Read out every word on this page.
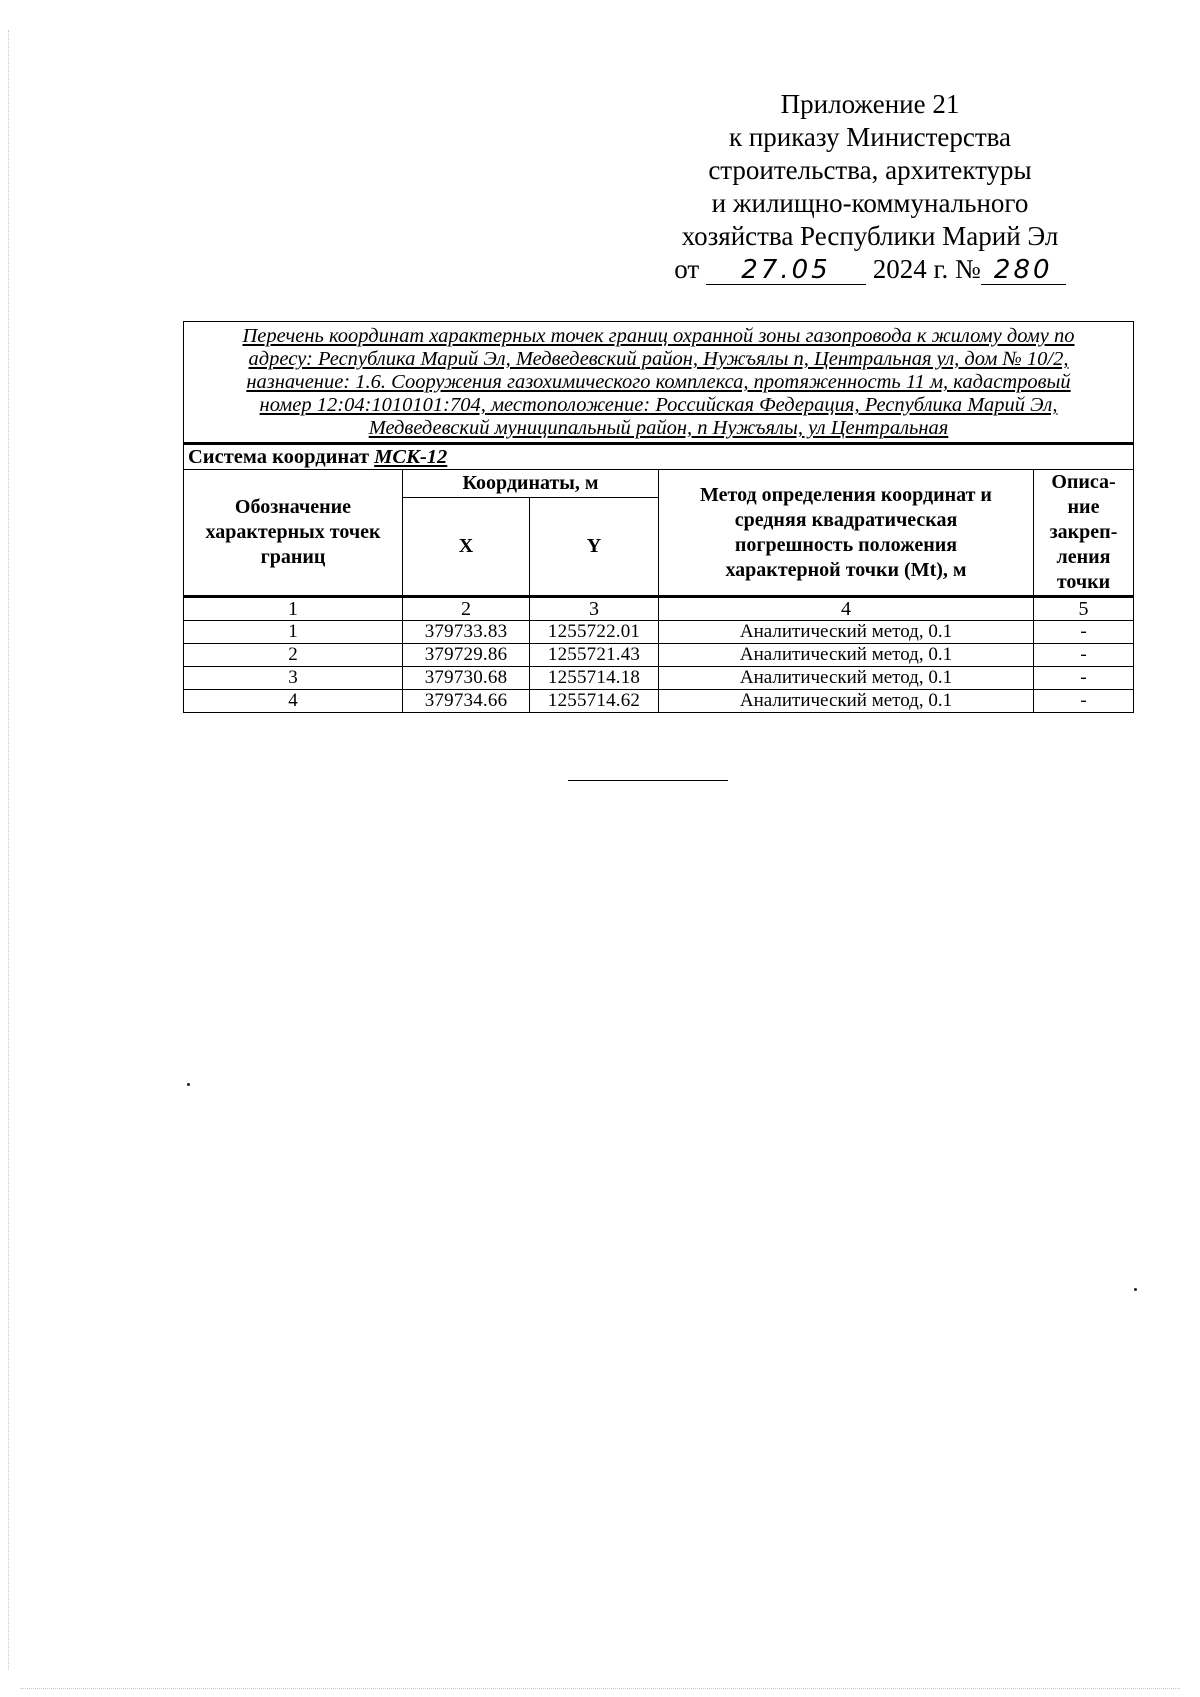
Приложение 21
к приказу Министерства
строительства, архитектуры
и жилищно-коммунального
хозяйства Республики Марий Эл
от 27.05 2024 г. № 280
Перечень координат характерных точек границ охранной зоны газопровода к жилому дому по
адресу: Республика Марий Эл, Медведевский район, Нужъялы п, Центральная ул, дом № 10/2,
назначение: 1.6. Сооружения газохимического комплекса, протяженность 11 м, кадастровый
номер 12:04:1010101:704, местоположение: Российская Федерация, Республика Марий Эл,
Медведевский муниципальный район, п Нужъялы, ул Центральная				

Система координат МСК-12				

Обозначение
характерных точек
границ	Координаты, м		Метод определения координат и
средняя квадратическая
погрешность положения
характерной точки (Mt), м	Описа-
ние
закреп-
ления
точки

	X	Y		
1	2	3	4	5
1	379733.83	1255722.01	Аналитический метод, 0.1	-
2	379729.86	1255721.43	Аналитический метод, 0.1	-
3	379730.68	1255714.18	Аналитический метод, 0.1	-
4	379734.66	1255714.62	Аналитический метод, 0.1	-
